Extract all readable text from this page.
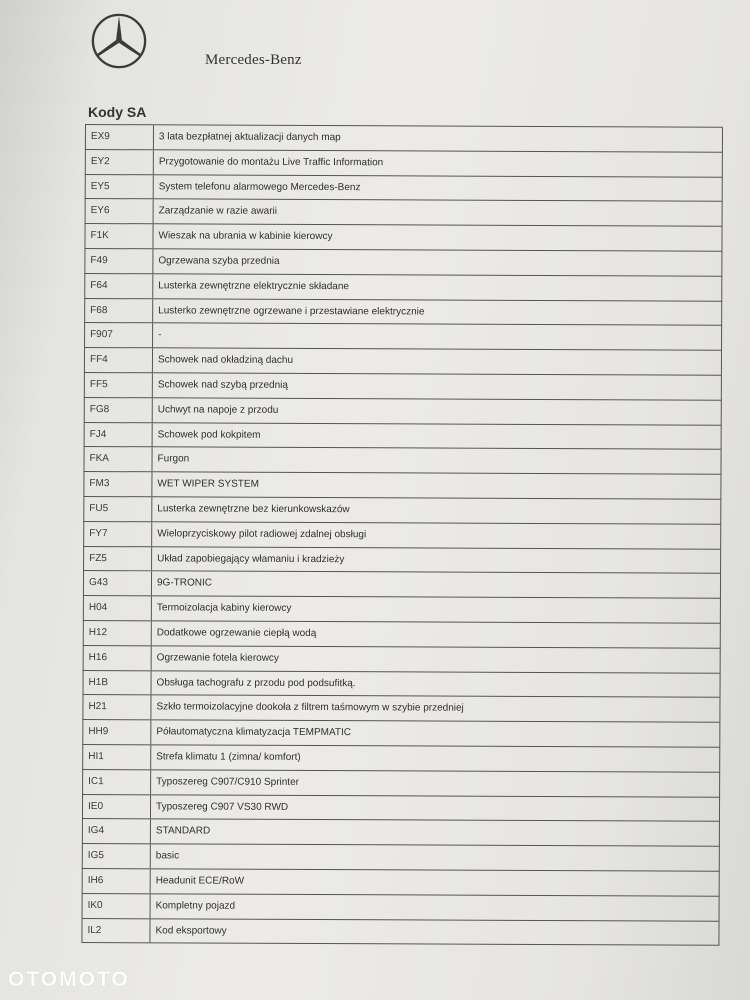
Mercedes-Benz
Kody SA
EX9	3 lata bezpłatnej aktualizacji danych map
EY2	Przygotowanie do montażu Live Traffic Information
EY5	System telefonu alarmowego Mercedes-Benz
EY6	Zarządzanie w razie awarii
F1K	Wieszak na ubrania w kabinie kierowcy
F49	Ogrzewana szyba przednia
F64	Lusterka zewnętrzne elektrycznie składane
F68	Lusterko zewnętrzne ogrzewane i przestawiane elektrycznie
F907	-
FF4	Schowek nad okładziną dachu
FF5	Schowek nad szybą przednią
FG8	Uchwyt na napoje z przodu
FJ4	Schowek pod kokpitem
FKA	Furgon
FM3	WET WIPER SYSTEM
FU5	Lusterka zewnętrzne bez kierunkowskazów
FY7	Wieloprzyciskowy pilot radiowej zdalnej obsługi
FZ5	Układ zapobiegający włamaniu i kradzieży
G43	9G-TRONIC
H04	Termoizolacja kabiny kierowcy
H12	Dodatkowe ogrzewanie ciepłą wodą
H16	Ogrzewanie fotela kierowcy
H1B	Obsługa tachografu z przodu pod podsufitką.
H21	Szkło termoizolacyjne dookoła z filtrem taśmowym w szybie przedniej
HH9	Półautomatyczna klimatyzacja TEMPMATIC
HI1	Strefa klimatu 1 (zimna/ komfort)
IC1	Typoszereg C907/C910 Sprinter
IE0	Typoszereg C907 VS30 RWD
IG4	STANDARD
IG5	basic
IH6	Headunit ECE/RoW
IK0	Kompletny pojazd
IL2	Kod eksportowy
OTOMOTO
